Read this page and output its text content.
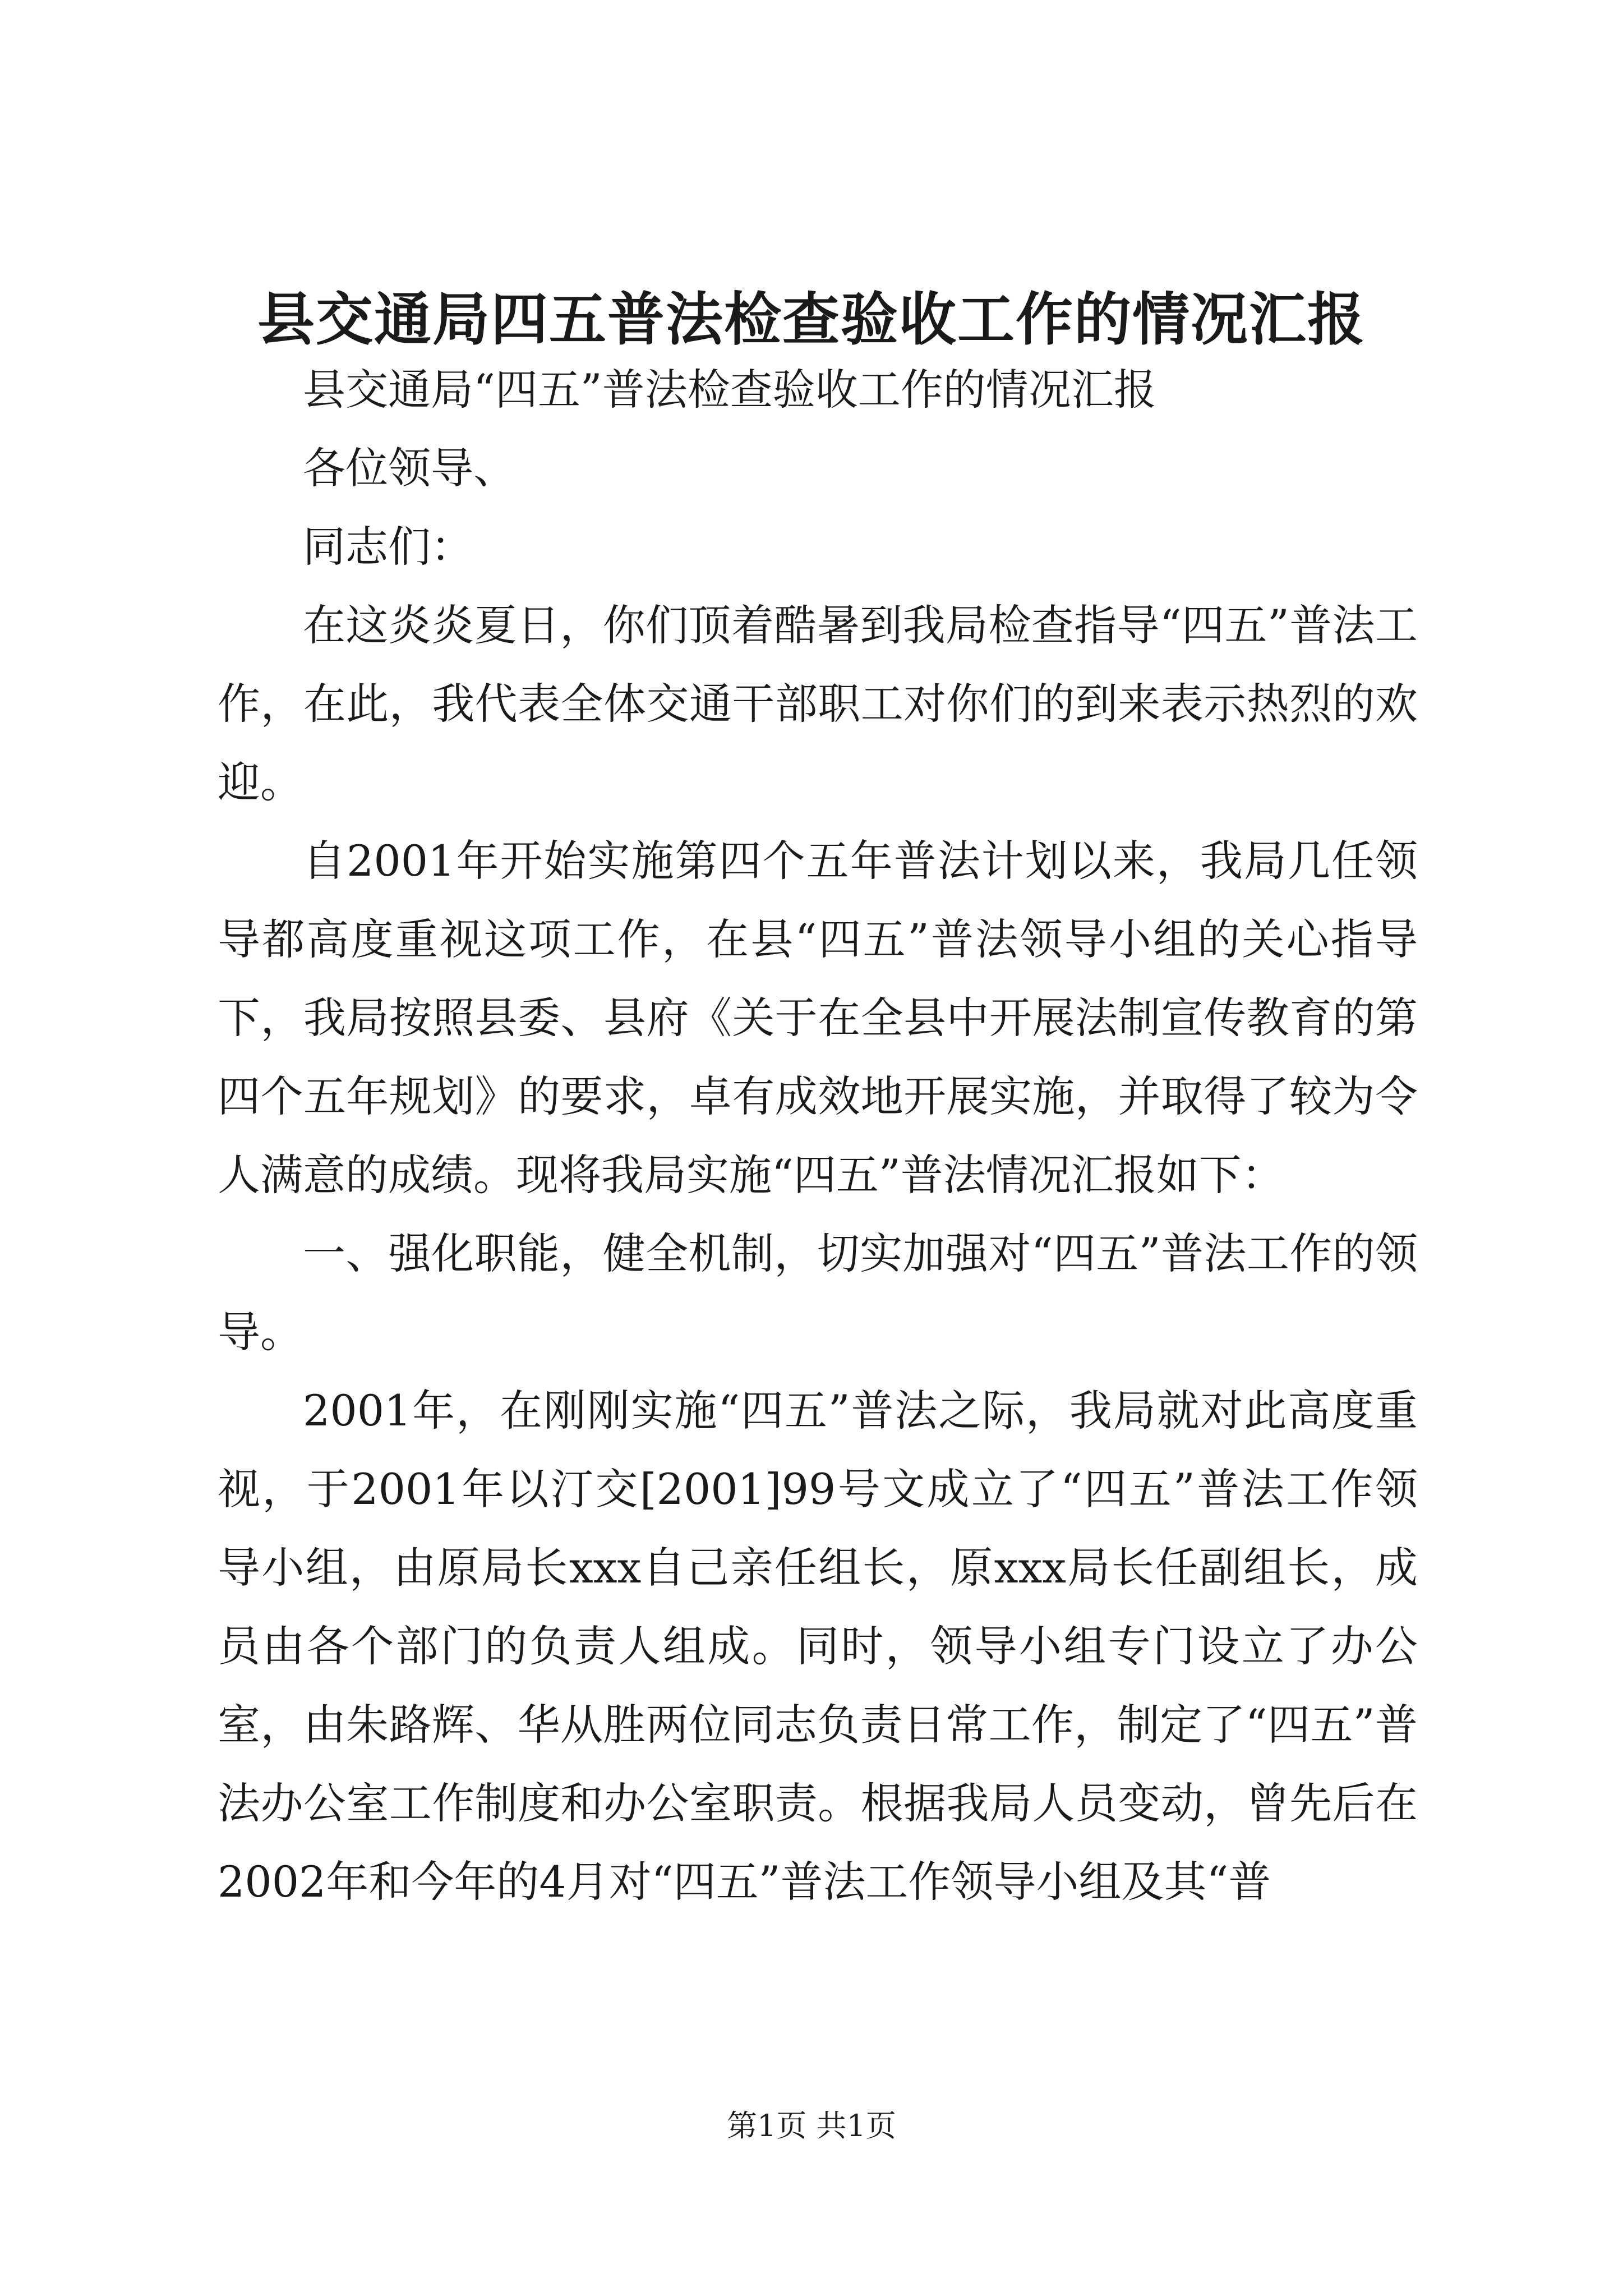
县交通局四五普法检查验收工作的情况汇报

县交通局“四五”普法检查验收工作的情况汇报

各位领导、

同志们：

在这炎炎夏日，你们顶着酷暑到我局检查指导“四五”普法工作，在此，我代表全体交通干部职工对你们的到来表示热烈的欢迎。

自2001年开始实施第四个五年普法计划以来，我局几任领导都高度重视这项工作，在县“四五”普法领导小组的关心指导下，我局按照县委、县府《关于在全县中开展法制宣传教育的第四个五年规划》的要求，卓有成效地开展实施，并取得了较为令人满意的成绩。现将我局实施“四五”普法情况汇报如下：

一、强化职能，健全机制，切实加强对“四五”普法工作的领导。

2001年，在刚刚实施“四五”普法之际，我局就对此高度重视，于2001年以汀交[2001]99号文成立了“四五”普法工作领导小组，由原局长xxx自己亲任组长，原xxx局长任副组长，成员由各个部门的负责人组成。同时，领导小组专门设立了办公室，由朱路辉、华从胜两位同志负责日常工作，制定了“四五”普法办公室工作制度和办公室职责。根据我局人员变动，曾先后在2002年和今年的4月对“四五”普法工作领导小组及其“普

第1页 共1页
